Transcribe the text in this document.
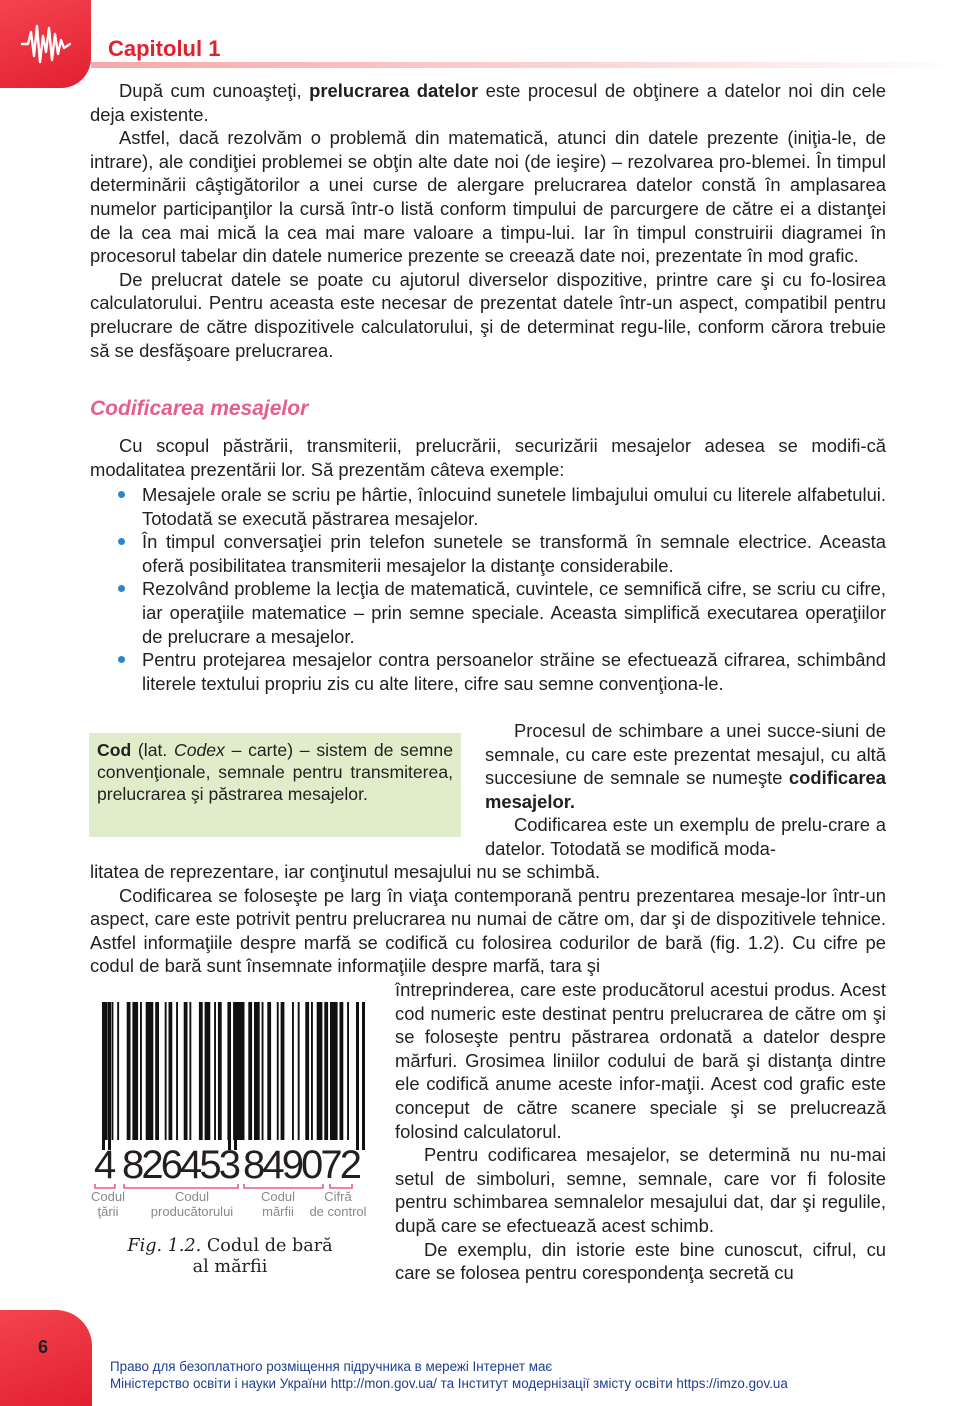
Capitolul 1

După cum cunoaşteţi, prelucrarea datelor este procesul de obţinere a datelor noi din cele deja existente.

Astfel, dacă rezolvăm o problemă din matematică, atunci din datele prezente (iniţia-le, de intrare), ale condiţiei problemei se obţin alte date noi (de ieşire) – rezolvarea pro-blemei. În timpul determinării câştigătorilor a unei curse de alergare prelucrarea datelor constă în amplasarea numelor participanţilor la cursă într-o listă conform timpului de parcurgere de către ei a distanţei de la cea mai mică la cea mai mare valoare a timpu-lui. Iar în timpul construirii diagramei în procesorul tabelar din datele numerice prezente se creează date noi, prezentate în mod grafic.

De prelucrat datele se poate cu ajutorul diverselor dispozitive, printre care şi cu fo-losirea calculatorului. Pentru aceasta este necesar de prezentat datele într-un aspect, compatibil pentru prelucrare de către dispozitivele calculatorului, şi de determinat regu-lile, conform cărora trebuie să se desfăşoare prelucrarea.

Codificarea mesajelor

Cu scopul păstrării, transmiterii, prelucrării, securizării mesajelor adesea se modifi-că modalitatea prezentării lor. Să prezentăm câteva exemple:

Mesajele orale se scriu pe hârtie, înlocuind sunetele limbajului omului cu literele alfabetului. Totodată se execută păstrarea mesajelor.
În timpul conversaţiei prin telefon sunetele se transformă în semnale electrice. Aceasta oferă posibilitatea transmiterii mesajelor la distanţe considerabile.
Rezolvând probleme la lecţia de matematică, cuvintele, ce semnifică cifre, se scriu cu cifre, iar operaţiile matematice – prin semne speciale. Aceasta simplifică executarea operaţiilor de prelucrare a mesajelor.
Pentru protejarea mesajelor contra persoanelor străine se efectuează cifrarea, schimbând literele textului propriu zis cu alte litere, cifre sau semne convenţiona-le.
Cod (lat. Codex – carte) – sistem de semne convenţionale, semnale pentru transmiterea, prelucrarea şi păstrarea mesajelor.

Procesul de schimbare a unei succe-siuni de semnale, cu care este prezentat mesajul, cu altă succesiune de semnale se numeşte codificarea mesajelor.

Codificarea este un exemplu de prelu-crare a datelor. Totodată se modifică moda-

litatea de reprezentare, iar conţinutul mesajului nu se schimbă.

Codificarea se foloseşte pe larg în viaţa contemporană pentru prezentarea mesaje-lor într-un aspect, care este potrivit pentru prelucrarea nu numai de către om, dar şi de dispozitivele tehnice. Astfel informaţiile despre marfă se codifică cu folosirea codurilor de bară (fig. 1.2). Cu cifre pe codul de bară sunt însemnate informaţiile despre marfă, tara şi

4 826453 849072
Codul
ţării
Codul
producătorului
Codul
mărfii
Cifră
de control
Fig. 1.2. Codul de bară
al mărfii

întreprinderea, care este producătorul acestui produs. Acest cod numeric este destinat pentru prelucrarea de către om şi se foloseşte pentru păstrarea ordonată a datelor despre mărfuri. Grosimea liniilor codului de bară şi distanţa dintre ele codifică anume aceste infor-maţii. Acest cod grafic este conceput de către scanere speciale şi se prelucrează folosind calculatorul.

Pentru codificarea mesajelor, se determină nu nu-mai setul de simboluri, semne, semnale, care vor fi folosite pentru schimbarea semnalelor mesajului dat, dar şi regulile, după care se efectuează acest schimb.

De exemplu, din istorie este bine cunoscut, cifrul, cu care se folosea pentru corespondenţa secretă cu

6
Право для безоплатного розміщення підручника в мережі Інтернет має
Міністерство освіти і науки України http://mon.gov.ua/ та Інститут модернізації змісту освіти https://imzo.gov.ua
